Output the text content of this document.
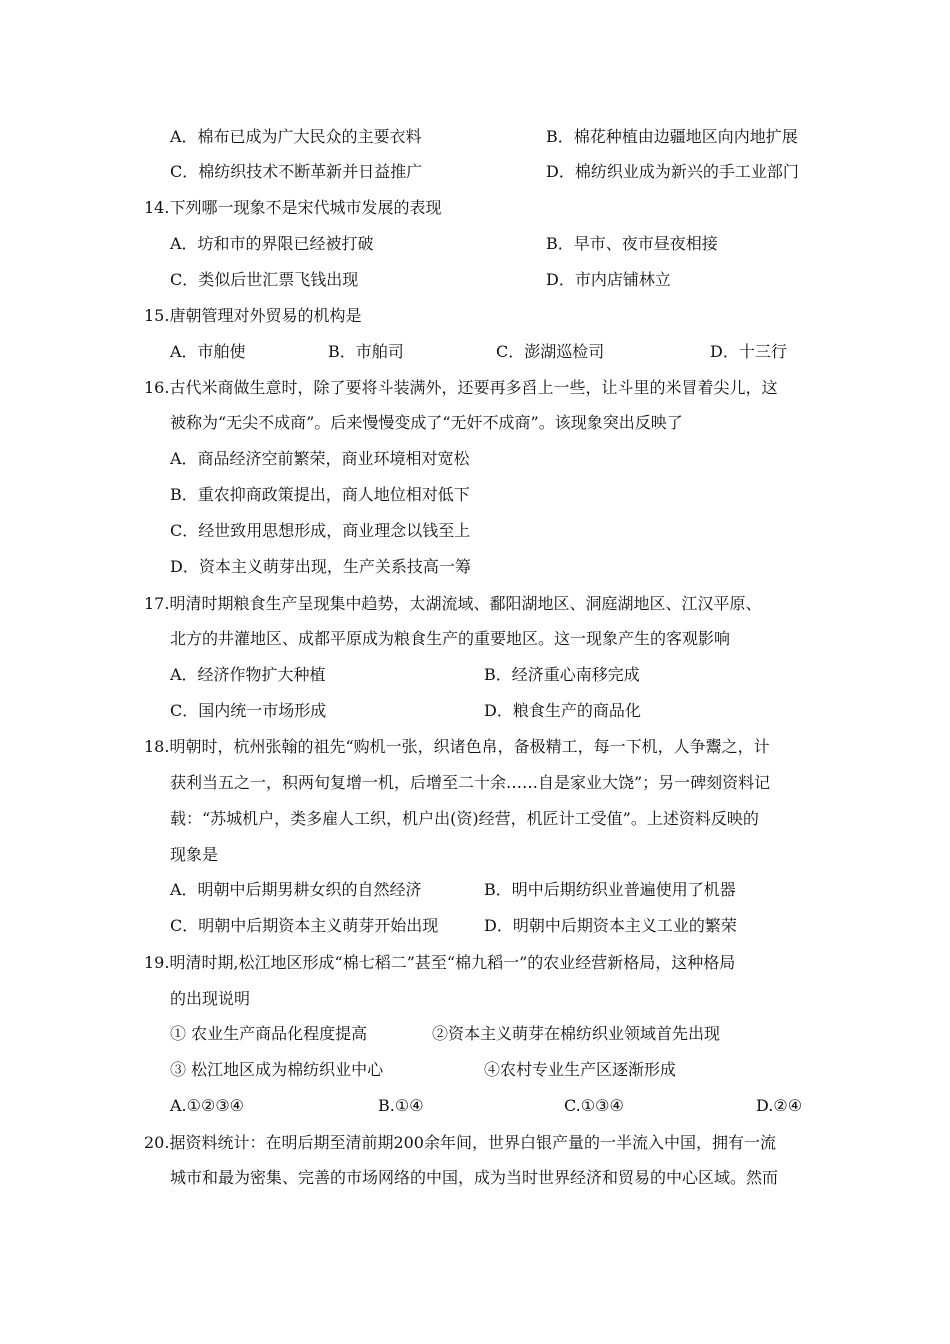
A．棉布已成为广大民众的主要衣料	B．棉花种植由边疆地区向内地扩展
C．棉纺织技术不断革新并日益推广	D．棉纺织业成为新兴的手工业部门
14.下列哪一现象不是宋代城市发展的表现
A．坊和市的界限已经被打破	B．早市、夜市昼夜相接
C．类似后世汇票飞钱出现	D．市内店铺林立
15.唐朝管理对外贸易的机构是
A．市舶使	B．市舶司	C．澎湖巡检司	D．十三行
16.古代米商做生意时，除了要将斗装满外，还要再多舀上一些，让斗里的米冒着尖儿，这
被称为“无尖不成商”。后来慢慢变成了“无奸不成商”。该现象突出反映了
A．商品经济空前繁荣，商业环境相对宽松
B．重农抑商政策提出，商人地位相对低下
C．经世致用思想形成，商业理念以钱至上
D．资本主义萌芽出现，生产关系技高一筹
17.明清时期粮食生产呈现集中趋势，太湖流域、鄱阳湖地区、洞庭湖地区、江汉平原、
北方的井灌地区、成都平原成为粮食生产的重要地区。这一现象产生的客观影响
A．经济作物扩大种植	B．经济重心南移完成
C．国内统一市场形成	D．粮食生产的商品化
18.明朝时，杭州张翰的祖先“购机一张，织诸色帛，备极精工，每一下机，人争鬻之，计
获利当五之一，积两旬复增一机，后增至二十余……自是家业大饶”；另一碑刻资料记
载：“苏城机户，类多雇人工织，机户出(资)经营，机匠计工受值”。上述资料反映的
现象是
A．明朝中后期男耕女织的自然经济	B．明中后期纺织业普遍使用了机器
C．明朝中后期资本主义萌芽开始出现	D．明朝中后期资本主义工业的繁荣
19.明清时期,松江地区形成“棉七稻二”甚至“棉九稻一”的农业经营新格局，这种格局
的出现说明
① 农业生产商品化程度提高	②资本主义萌芽在棉纺织业领域首先出现
③ 松江地区成为棉纺织业中心	④农村专业生产区逐渐形成
A.①②③④	B.①④	C.①③④	D.②④
20.据资料统计：在明后期至清前期200余年间，世界白银产量的一半流入中国，拥有一流
城市和最为密集、完善的市场网络的中国，成为当时世界经济和贸易的中心区域。然而
